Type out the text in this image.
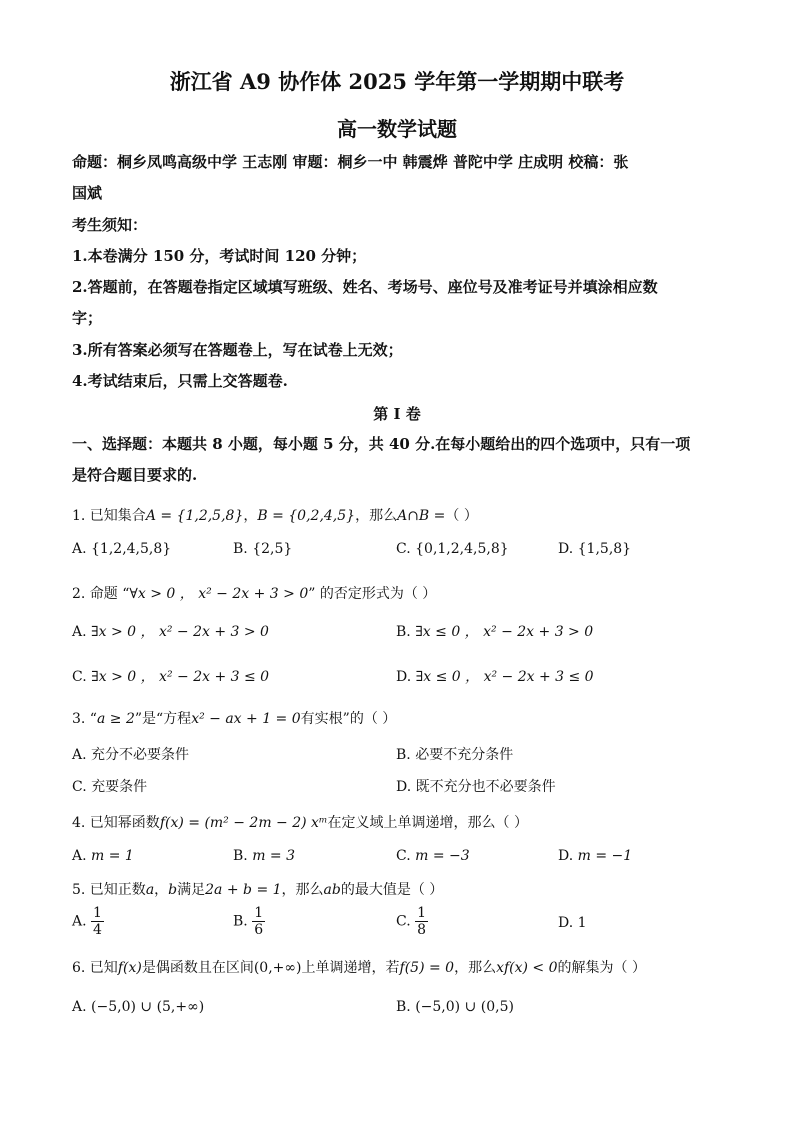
浙江省 A9 协作体 2025 学年第一学期期中联考
高一数学试题
命题：桐乡凤鸣高级中学 王志刚 审题：桐乡一中 韩震烨 普陀中学 庄成明 校稿：张
国斌
考生须知：
1.本卷满分 150 分，考试时间 120 分钟；
2.答题前，在答题卷指定区域填写班级、姓名、考场号、座位号及准考证号并填涂相应数
字；
3.所有答案必须写在答题卷上，写在试卷上无效；
4.考试结束后，只需上交答题卷.
第 I 卷
一、选择题：本题共 8 小题，每小题 5 分，共 40 分.在每小题给出的四个选项中，只有一项
是符合题目要求的.
1. 已知集合A = {1,2,5,8}，B = {0,2,4,5}，那么A∩B =（ ）
A. {1,2,4,5,8}	B. {2,5}	C. {0,1,2,4,5,8}	D. {1,5,8}
2. 命题 “∀x > 0 ， x² − 2x + 3 > 0” 的否定形式为（ ）
A. ∃x > 0 ， x² − 2x + 3 > 0	B. ∃x ≤ 0 ， x² − 2x + 3 > 0
C. ∃x > 0 ， x² − 2x + 3 ≤ 0	D. ∃x ≤ 0 ， x² − 2x + 3 ≤ 0
3. “a ≥ 2”是“方程x² − ax + 1 = 0有实根”的（ ）
A. 充分不必要条件	B. 必要不充分条件
C. 充要条件	D. 既不充分也不必要条件
4. 已知幂函数f(x) = (m² − 2m − 2) xᵐ在定义域上单调递增，那么（ ）
A. m = 1	B. m = 3	C. m = −3	D. m = −1
5. 已知正数a，b满足2a + b = 1，那么ab的最大值是（ ）
A. $\frac{1}{4}$	B. $\frac{1}{6}$	C. $\frac{1}{8}$	D. 1
6. 已知f(x)是偶函数且在区间(0,+∞)上单调递增，若f(5) = 0，那么xf(x) < 0的解集为（ ）
A. (−5,0) ∪ (5,+∞)	B. (−5,0) ∪ (0,5)
